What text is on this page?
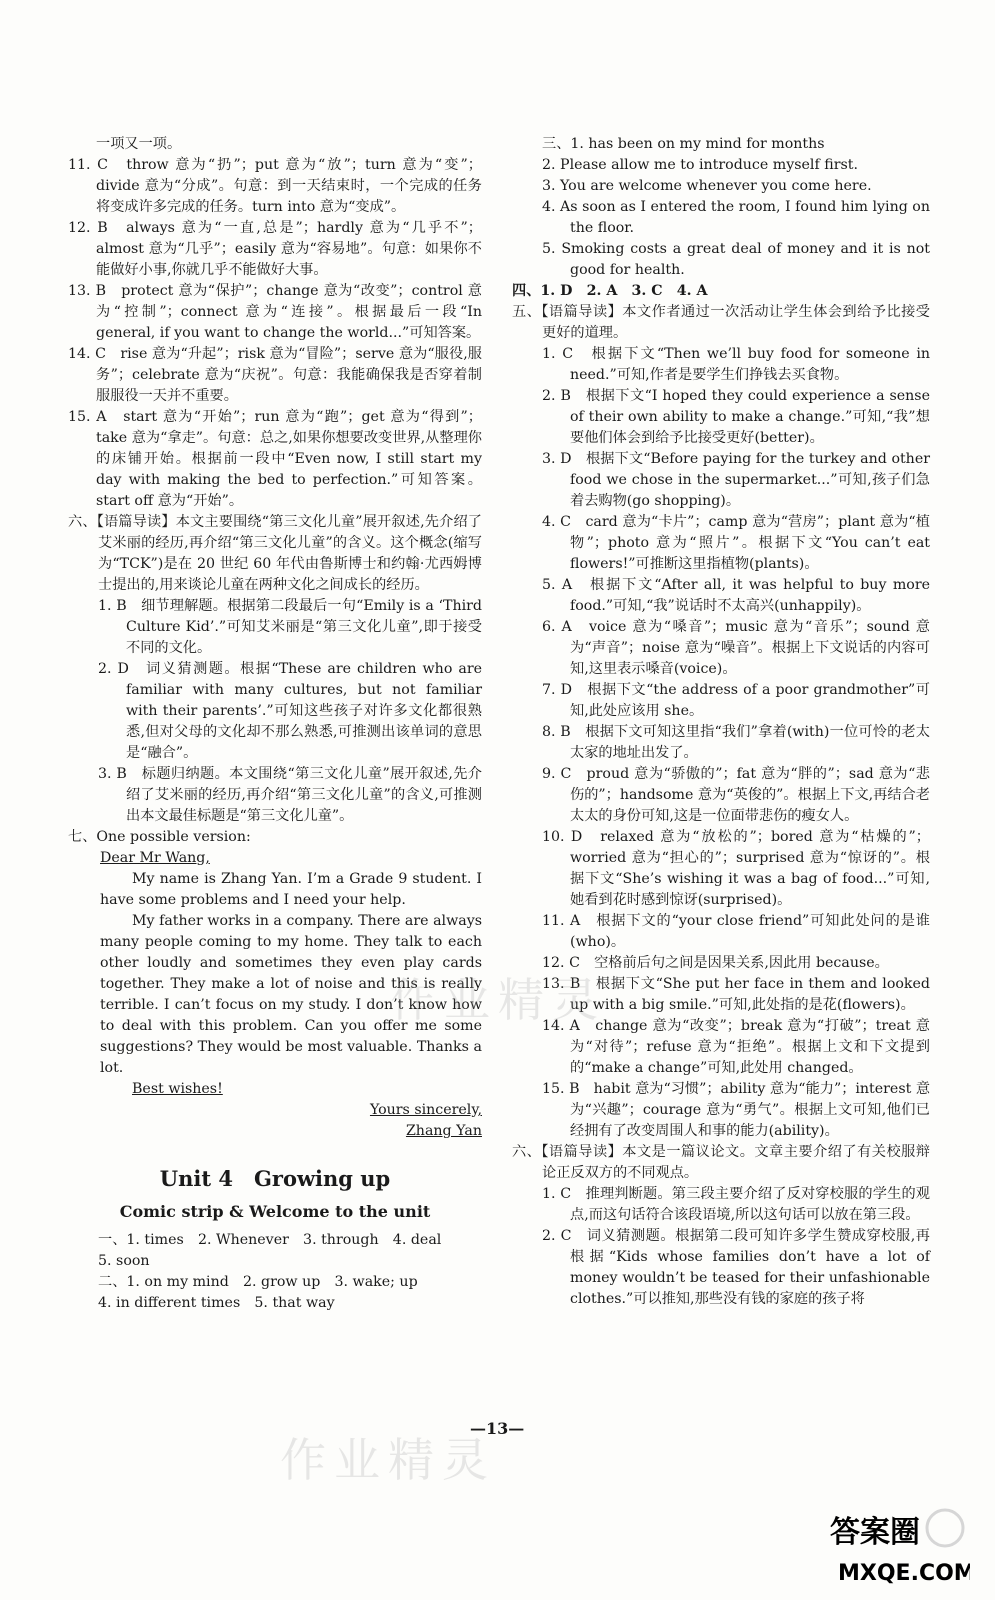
一项又一项。

11. C　throw 意为“扔”；put 意为“放”；turn 意为“变”；divide 意为“分成”。句意：到一天结束时，一个完成的任务将变成许多完成的任务。turn into 意为“变成”。

12. B　always 意为“一直,总是”；hardly 意为“几乎不”；almost 意为“几乎”；easily 意为“容易地”。句意：如果你不能做好小事,你就几乎不能做好大事。

13. B　protect 意为“保护”；change 意为“改变”；control 意为“控制”；connect 意为“连接”。根据最后一段“In general, if you want to change the world...”可知答案。

14. C　rise 意为“升起”；risk 意为“冒险”；serve 意为“服役,服务”；celebrate 意为“庆祝”。句意：我能确保我是否穿着制服服役一天并不重要。

15. A　start 意为“开始”；run 意为“跑”；get 意为“得到”；take 意为“拿走”。句意：总之,如果你想要改变世界,从整理你的床铺开始。根据前一段中“Even now, I still start my day with making the bed to perfection.”可知答案。start off 意为“开始”。

六、【语篇导读】本文主要围绕“第三文化儿童”展开叙述,先介绍了艾米丽的经历,再介绍“第三文化儿童”的含义。这个概念(缩写为“TCK”)是在 20 世纪 60 年代由鲁斯博士和约翰·尤西姆博士提出的,用来谈论儿童在两种文化之间成长的经历。

1. B　细节理解题。根据第二段最后一句“Emily is a ‘Third Culture Kid’.”可知艾米丽是“第三文化儿童”,即于接受不同的文化。

2. D　词义猜测题。根据“These are children who are familiar with many cultures, but not familiar with their parents’.”可知这些孩子对许多文化都很熟悉,但对父母的文化却不那么熟悉,可推测出该单词的意思是“融合”。

3. B　标题归纳题。本文围绕“第三文化儿童”展开叙述,先介绍了艾米丽的经历,再介绍“第三文化儿童”的含义,可推测出本文最佳标题是“第三文化儿童”。

七、One possible version:

Dear Mr Wang,

My name is Zhang Yan. I’m a Grade 9 student. I have some problems and I need your help.

My father works in a company. There are always many people coming to my home. They talk to each other loudly and sometimes they even play cards together. They make a lot of noise and this is really terrible. I can’t focus on my study. I don’t know how to deal with this problem. Can you offer me some suggestions? They would be most valuable. Thanks a lot.

Best wishes!

Yours sincerely,

Zhang Yan

Unit 4　Growing up
Comic strip & Welcome to the unit

一、1. times　2. Whenever　3. through　4. deal

5. soon

二、1. on my mind　2. grow up　3. wake; up

4. in different times　5. that way

三、1. has been on my mind for months

2. Please allow me to introduce myself first.

3. You are welcome whenever you come here.

4. As soon as I entered the room, I found him lying on the floor.

5. Smoking costs a great deal of money and it is not good for health.

四、1. D　2. A　3. C　4. A

五、【语篇导读】本文作者通过一次活动让学生体会到给予比接受更好的道理。

1. C　根据下文“Then we’ll buy food for someone in need.”可知,作者是要学生们挣钱去买食物。

2. B　根据下文“I hoped they could experience a sense of their own ability to make a change.”可知,“我”想要他们体会到给予比接受更好(better)。

3. D　根据下文“Before paying for the turkey and other food we chose in the supermarket...”可知,孩子们急着去购物(go shopping)。

4. C　card 意为“卡片”；camp 意为“营房”；plant 意为“植物”；photo 意为“照片”。根据下文“You can’t eat flowers!”可推断这里指植物(plants)。

5. A　根据下文“After all, it was helpful to buy more food.”可知,“我”说话时不太高兴(unhappily)。

6. A　voice 意为“嗓音”；music 意为“音乐”；sound 意为“声音”；noise 意为“噪音”。根据上下文说话的内容可知,这里表示嗓音(voice)。

7. D　根据下文“the address of a poor grandmother”可知,此处应该用 she。

8. B　根据下文可知这里指“我们”拿着(with)一位可怜的老太太家的地址出发了。

9. C　proud 意为“骄傲的”；fat 意为“胖的”；sad 意为“悲伤的”；handsome 意为“英俊的”。根据上下文,再结合老太太的身份可知,这是一位面带悲伤的瘦女人。

10. D　relaxed 意为“放松的”；bored 意为“枯燥的”；worried 意为“担心的”；surprised 意为“惊讶的”。根据下文“She’s wishing it was a bag of food...”可知,她看到花时感到惊讶(surprised)。

11. A　根据下文的“your close friend”可知此处问的是谁(who)。

12. C　空格前后句之间是因果关系,因此用 because。

13. B　根据下文“She put her face in them and looked up with a big smile.”可知,此处指的是花(flowers)。

14. A　change 意为“改变”；break 意为“打破”；treat 意为“对待”；refuse 意为“拒绝”。根据上文和下文提到的“make a change”可知,此处用 changed。

15. B　habit 意为“习惯”；ability 意为“能力”；interest 意为“兴趣”；courage 意为“勇气”。根据上文可知,他们已经拥有了改变周围人和事的能力(ability)。

六、【语篇导读】本文是一篇议论文。文章主要介绍了有关校服辩论正反双方的不同观点。

1. C　推理判断题。第三段主要介绍了反对穿校服的学生的观点,而这句话符合该段语境,所以这句话可以放在第三段。

2. C　词义猜测题。根据第二段可知许多学生赞成穿校服,再根据“Kids whose families don’t have a lot of money wouldn’t be teased for their unfashionable clothes.”可以推知,那些没有钱的家庭的孩子将

—13—
作业精灵
作业精灵
答案圈
MXQE.COM
